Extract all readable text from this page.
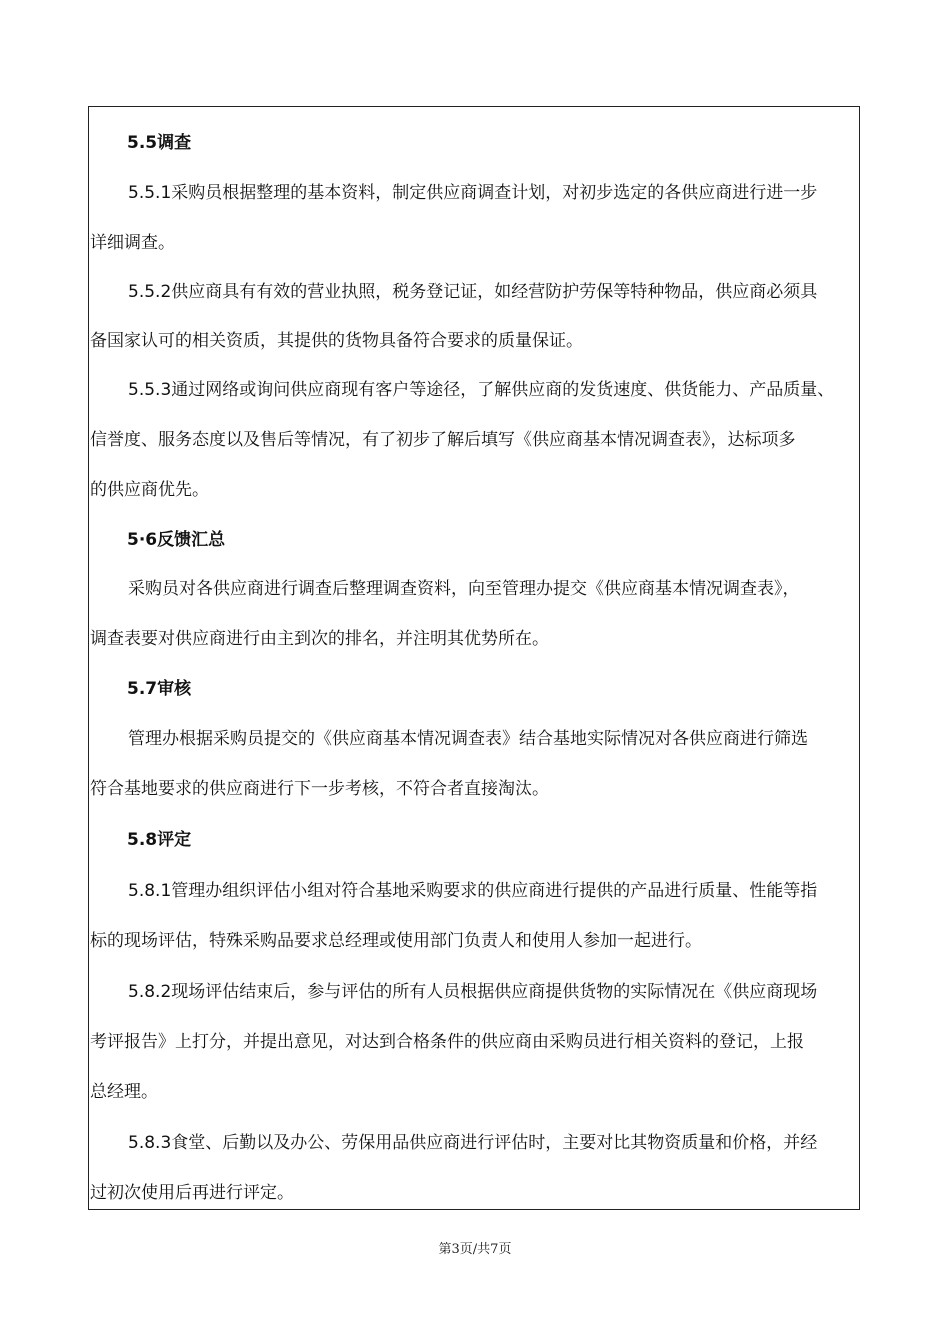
5.5调查
5.5.1采购员根据整理的基本资料，制定供应商调查计划，对初步选定的各供应商进行进一步
详细调查。
5.5.2供应商具有有效的营业执照，税务登记证，如经营防护劳保等特种物品，供应商必须具
备国家认可的相关资质，其提供的货物具备符合要求的质量保证。
5.5.3通过网络或询问供应商现有客户等途径，了解供应商的发货速度、供货能力、产品质量、
信誉度、服务态度以及售后等情况，有了初步了解后填写《供应商基本情况调查表》，达标项多
的供应商优先。
5·6反馈汇总
采购员对各供应商进行调查后整理调查资料，向至管理办提交《供应商基本情况调查表》，
调查表要对供应商进行由主到次的排名，并注明其优势所在。
5.7审核
管理办根据采购员提交的《供应商基本情况调查表》结合基地实际情况对各供应商进行筛选
符合基地要求的供应商进行下一步考核，不符合者直接淘汰。
5.8评定
5.8.1管理办组织评估小组对符合基地采购要求的供应商进行提供的产品进行质量、性能等指
标的现场评估，特殊采购品要求总经理或使用部门负责人和使用人参加一起进行。
5.8.2现场评估结束后，参与评估的所有人员根据供应商提供货物的实际情况在《供应商现场
考评报告》上打分，并提出意见，对达到合格条件的供应商由采购员进行相关资料的登记，上报
总经理。
5.8.3食堂、后勤以及办公、劳保用品供应商进行评估时，主要对比其物资质量和价格，并经
过初次使用后再进行评定。
第3页/共7页
